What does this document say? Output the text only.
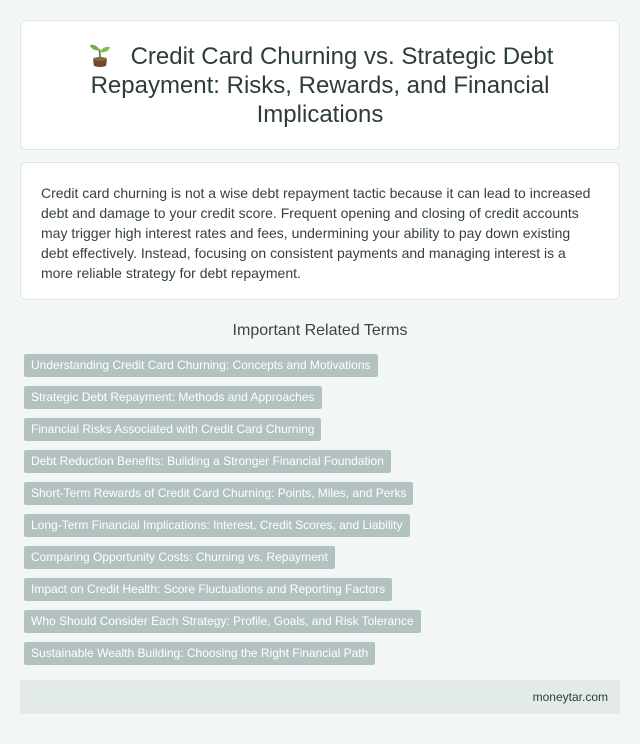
Credit Card Churning vs. Strategic Debt Repayment: Risks, Rewards, and Financial Implications

Credit card churning is not a wise debt repayment tactic because it can lead to increased debt and damage to your credit score. Frequent opening and closing of credit accounts may trigger high interest rates and fees, undermining your ability to pay down existing debt effectively. Instead, focusing on consistent payments and managing interest is a more reliable strategy for debt repayment.

Important Related Terms
Understanding Credit Card Churning: Concepts and Motivations
Strategic Debt Repayment: Methods and Approaches
Financial Risks Associated with Credit Card Churning
Debt Reduction Benefits: Building a Stronger Financial Foundation
Short-Term Rewards of Credit Card Churning: Points, Miles, and Perks
Long-Term Financial Implications: Interest, Credit Scores, and Liability
Comparing Opportunity Costs: Churning vs. Repayment
Impact on Credit Health: Score Fluctuations and Reporting Factors
Who Should Consider Each Strategy: Profile, Goals, and Risk Tolerance
Sustainable Wealth Building: Choosing the Right Financial Path
moneytar.com
